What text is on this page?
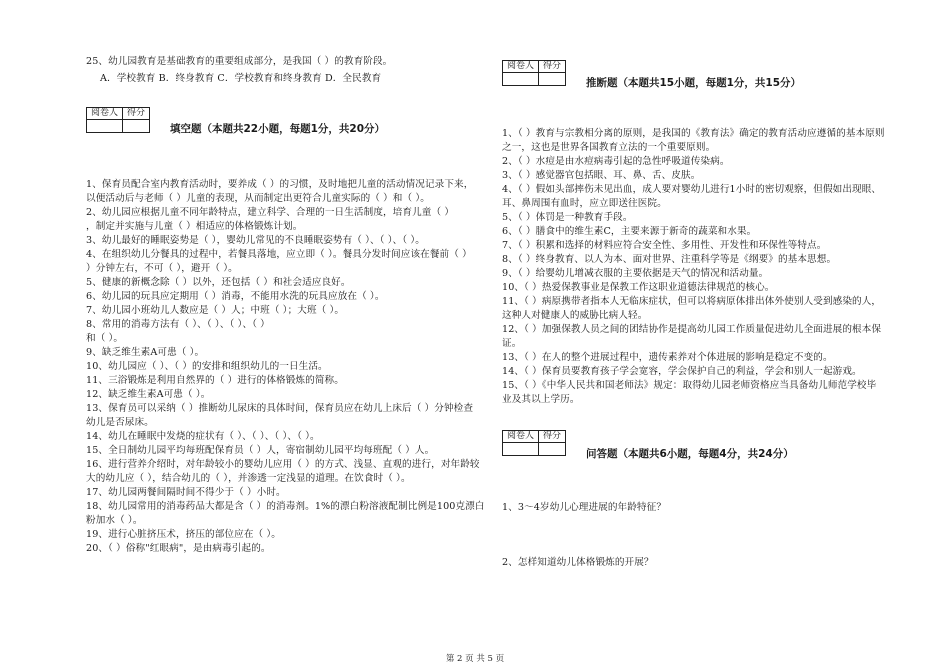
25、幼儿园教育是基础教育的重要组成部分，是我国（ ）的教育阶段。
A．学校教育 B．终身教育 C．学校教育和终身教育 D．全民教育
阅卷人	得分

填空题（本题共22小题，每题1分，共20分）
1、保育员配合室内教育活动时，要养成（ ）的习惯，及时地把儿童的活动情况记录下来，
以便活动后与老师（ ）儿童的表现，从而制定出更符合儿童实际的（ ）和（ ）。
2、幼儿园应根据儿童不同年龄特点，建立科学、合理的一日生活制度，培育儿童（ ）
，制定并实施与儿童（ ）相适应的体格锻炼计划。
3、幼儿最好的睡眠姿势是（ ），婴幼儿常见的不良睡眠姿势有（ ）、（ ）、（ ）。
4、在组织幼儿分餐具的过程中，若餐具落地，应立即（ ）。餐具分发时间应该在餐前（ ）
）分钟左右，不可（ ），避开（ ）。
5、健康的新概念除（ ）以外，还包括（ ）和社会适应良好。
6、幼儿园的玩具应定期用（ ）消毒，不能用水洗的玩具应放在（ ）。
7、幼儿园小班幼儿人数应是（ ）人；中班（ ）；大班（ ）。
8、常用的消毒方法有（ ）、（ ）、（ ）、（ ）
和（ ）。
9、缺乏维生素A可患（ ）。
10、幼儿园应（ ）、（ ）的安排和组织幼儿的一日生活。
11、三浴锻炼是利用自然界的（ ）进行的体格锻炼的简称。
12、缺乏维生素A可患（ ）。
13、保育员可以采纳（ ）推断幼儿尿床的具体时间，保育员应在幼儿上床后（ ）分钟检查
幼儿是否尿床。
14、幼儿在睡眠中发烧的症状有（ ）、（ ）、（ ）、（ ）。
15、全日制幼儿园平均每班配保育员（ ）人，寄宿制幼儿园平均每班配（ ）人。
16、进行营养介绍时，对年龄较小的婴幼儿应用（ ）的方式、浅显、直观的进行，对年龄较
大的幼儿应（ ），结合幼儿的（ ），并渗透一定浅显的道理。在饮食时（ ）。
17、幼儿园两餐间隔时间不得少于（ ）小时。
18、幼儿园常用的消毒药品大都是含（ ）的消毒剂。1%的漂白粉溶液配制比例是100克漂白
粉加水（ ）。
19、进行心脏挤压术，挤压的部位应在（ ）。
20、（ ）俗称"红眼病"，是由病毒引起的。
阅卷人	得分

推断题（本题共15小题，每题1分，共15分）
1、（ ）教育与宗教相分离的原则，是我国的《教育法》确定的教育活动应遵循的基本原则
之一，这也是世界各国教育立法的一个重要原则。
2、（ ）水痘是由水痘病毒引起的急性呼吸道传染病。
3、（ ）感觉器官包括眼、耳、鼻、舌、皮肤。
4、（ ）假如头部摔伤未见出血，成人要对婴幼儿进行1小时的密切观察，但假如出现眼、
耳、鼻周围有血时，应立即送往医院。
5、（ ）体罚是一种教育手段。
6、（ ）膳食中的维生素C，主要来源于新奇的蔬菜和水果。
7、（ ）积累和选择的材料应符合安全性、多用性、开发性和环保性等特点。
8、（ ）终身教育、以人为本、面对世界、注重科学等是《纲要》的基本思想。
9、（ ）给婴幼儿增减衣服的主要依据是天气的情况和活动量。
10、（ ）热爱保教事业是保教工作这职业道德法律规范的核心。
11、（ ）病原携带者指本人无临床症状，但可以将病原体排出体外使别人受到感染的人，
这种人对健康人的威胁比病人轻。
12、（ ）加强保教人员之间的团结协作是提高幼儿园工作质量促进幼儿全面进展的根本保
证。
13、（ ）在人的整个进展过程中，遗传素养对个体进展的影响是稳定不变的。
14、（ ）保育员要教育孩子学会宽容，学会保护自己的利益，学会和别人一起游戏。
15、（ ）《中华人民共和国老师法》规定：取得幼儿园老师资格应当具备幼儿师范学校毕
业及其以上学历。
阅卷人	得分

问答题（本题共6小题，每题4分，共24分）
1、3～4岁幼儿心理进展的年龄特征？
2、怎样知道幼儿体格锻炼的开展？
第 2 页 共 5 页
